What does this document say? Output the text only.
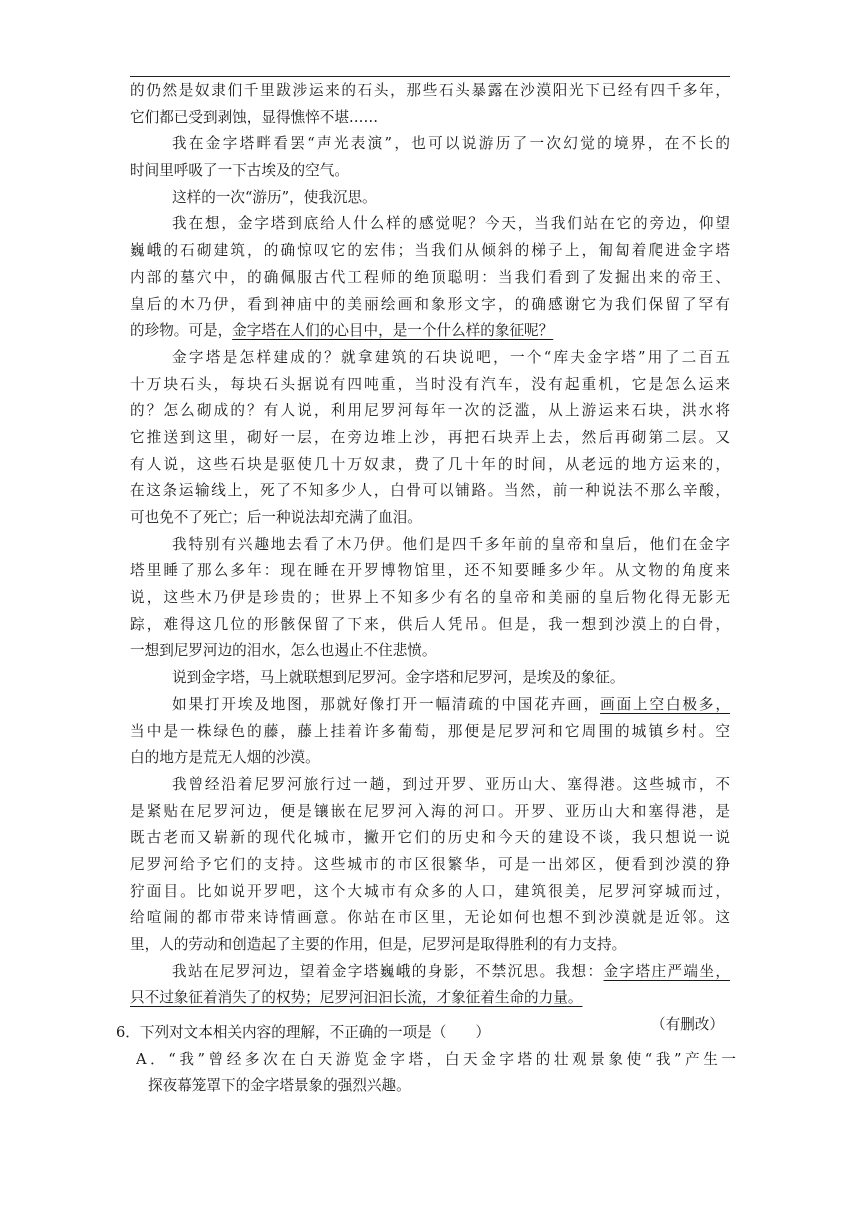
的仍然是奴隶们千里跋涉运来的石头，那些石头暴露在沙漠阳光下已经有四千多年，
它们都已受到剥蚀，显得憔悴不堪……
我在金字塔畔看罢“声光表演”，也可以说游历了一次幻觉的境界，在不长的
时间里呼吸了一下古埃及的空气。
这样的一次“游历”，使我沉思。
我在想，金字塔到底给人什么样的感觉呢？今天，当我们站在它的旁边，仰望
巍峨的石砌建筑，的确惊叹它的宏伟；当我们从倾斜的梯子上，匍匐着爬进金字塔
内部的墓穴中，的确佩服古代工程师的绝顶聪明：当我们看到了发掘出来的帝王、
皇后的木乃伊，看到神庙中的美丽绘画和象形文字，的确感谢它为我们保留了罕有
的珍物。可是，金字塔在人们的心目中，是一个什么样的象征呢？
金字塔是怎样建成的？就拿建筑的石块说吧，一个“库夫金字塔”用了二百五
十万块石头，每块石头据说有四吨重，当时没有汽车，没有起重机，它是怎么运来
的？怎么砌成的？有人说，利用尼罗河每年一次的泛滥，从上游运来石块，洪水将
它推送到这里，砌好一层，在旁边堆上沙，再把石块弄上去，然后再砌第二层。又
有人说，这些石块是驱使几十万奴隶，费了几十年的时间，从老远的地方运来的，
在这条运输线上，死了不知多少人，白骨可以铺路。当然，前一种说法不那么辛酸，
可也免不了死亡；后一种说法却充满了血泪。
我特别有兴趣地去看了木乃伊。他们是四千多年前的皇帝和皇后，他们在金字
塔里睡了那么多年：现在睡在开罗博物馆里，还不知要睡多少年。从文物的角度来
说，这些木乃伊是珍贵的；世界上不知多少有名的皇帝和美丽的皇后物化得无影无
踪，难得这几位的形骸保留了下来，供后人凭吊。但是，我一想到沙漠上的白骨，
一想到尼罗河边的泪水，怎么也遏止不住悲愤。
说到金字塔，马上就联想到尼罗河。金字塔和尼罗河，是埃及的象征。
如果打开埃及地图，那就好像打开一幅清疏的中国花卉画，画面上空白极多，
当中是一株绿色的藤，藤上挂着许多葡萄，那便是尼罗河和它周围的城镇乡村。空
白的地方是荒无人烟的沙漠。
我曾经沿着尼罗河旅行过一趟，到过开罗、亚历山大、塞得港。这些城市，不
是紧贴在尼罗河边，便是镶嵌在尼罗河入海的河口。开罗、亚历山大和塞得港，是
既古老而又崭新的现代化城市，撇开它们的历史和今天的建设不谈，我只想说一说
尼罗河给予它们的支持。这些城市的市区很繁华，可是一出郊区，便看到沙漠的狰
狞面目。比如说开罗吧，这个大城市有众多的人口，建筑很美，尼罗河穿城而过，
给喧闹的都市带来诗情画意。你站在市区里，无论如何也想不到沙漠就是近邻。这
里，人的劳动和创造起了主要的作用，但是，尼罗河是取得胜利的有力支持。
我站在尼罗河边，望着金字塔巍峨的身影，不禁沉思。我想：金字塔庄严端坐，
只不过象征着消失了的权势；尼罗河汩汩长流，才象征着生命的力量。
（有删改）
6．下列对文本相关内容的理解，不正确的一项是（　　）
A．“我”曾经多次在白天游览金字塔，白天金字塔的壮观景象使“我”产生一
探夜幕笼罩下的金字塔景象的强烈兴趣。
